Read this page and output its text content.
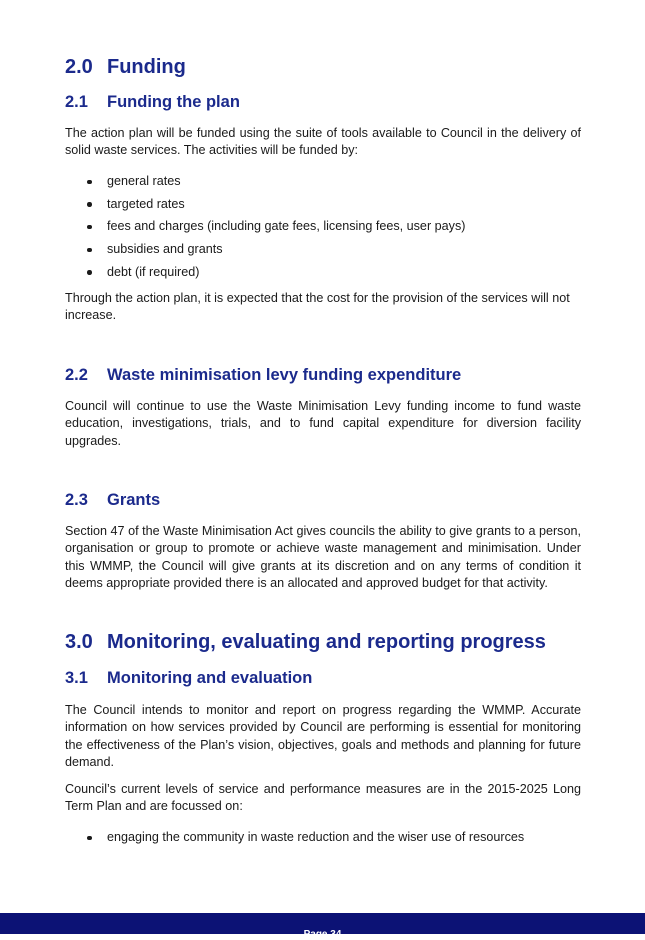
2.0 Funding
2.1 Funding the plan

The action plan will be funded using the suite of tools available to Council in the delivery of solid waste services. The activities will be funded by:

general rates
targeted rates
fees and charges (including gate fees, licensing fees, user pays)
subsidies and grants
debt (if required)

Through the action plan, it is expected that the cost for the provision of the services will not increase.

2.2 Waste minimisation levy funding expenditure

Council will continue to use the Waste Minimisation Levy funding income to fund waste education, investigations, trials, and to fund capital expenditure for diversion facility upgrades.

2.3 Grants

Section 47 of the Waste Minimisation Act gives councils the ability to give grants to a person, organisation or group to promote or achieve waste management and minimisation. Under this WMMP, the Council will give grants at its discretion and on any terms of condition it deems appropriate provided there is an allocated and approved budget for that activity.

3.0 Monitoring, evaluating and reporting progress
3.1 Monitoring and evaluation

The Council intends to monitor and report on progress regarding the WMMP. Accurate information on how services provided by Council are performing is essential for monitoring the effectiveness of the Plan’s vision, objectives, goals and methods and planning for future demand.

Council’s current levels of service and performance measures are in the 2015-2025 Long Term Plan and are focussed on:

engaging the community in waste reduction and the wiser use of resources
Page 34
